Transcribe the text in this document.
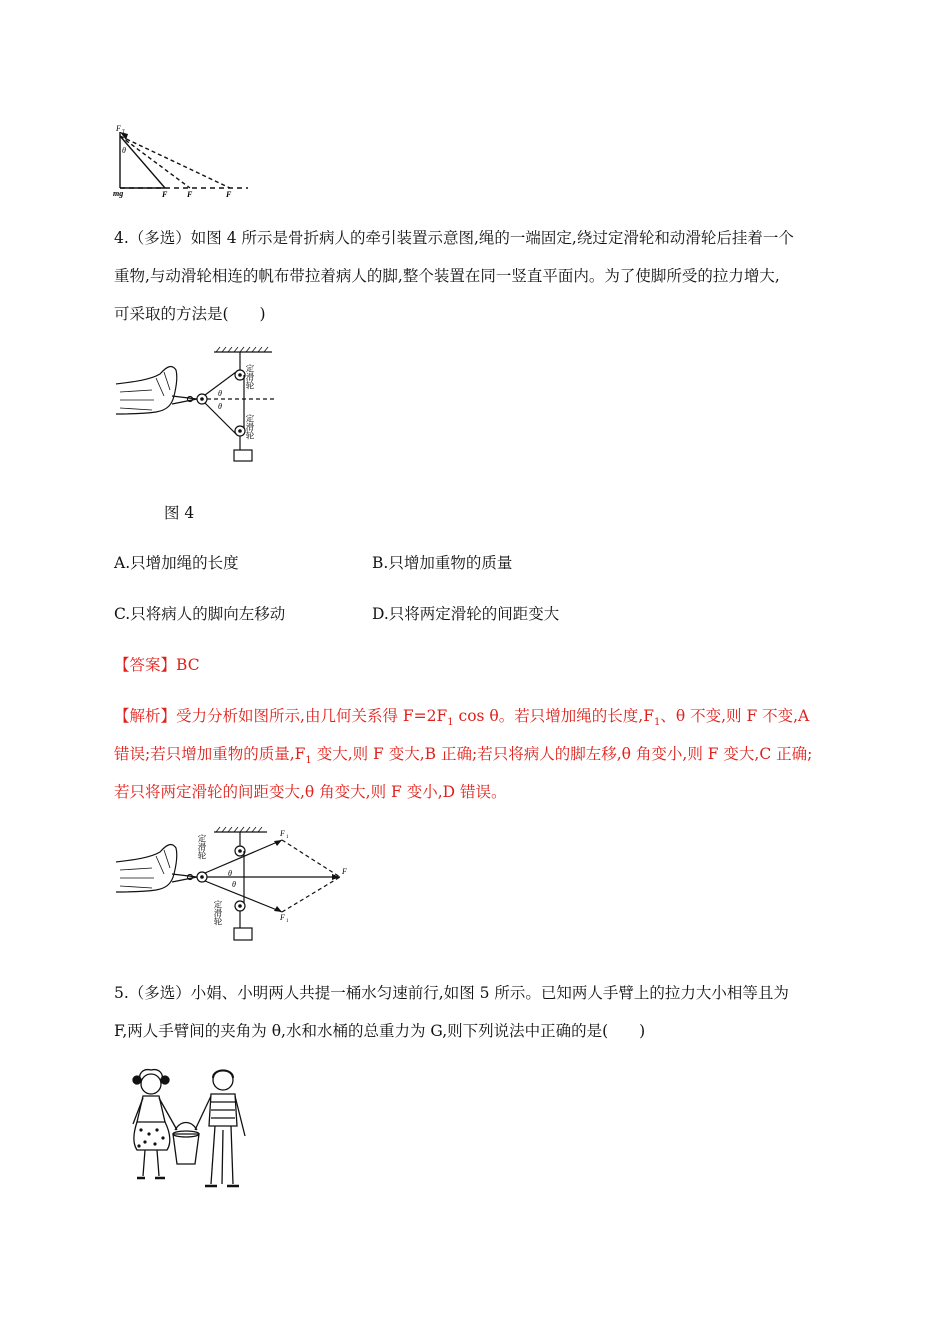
F T
θ
mg	F F	F
4.（多选）如图 4 所示是骨折病人的牵引装置示意图,绳的一端固定,绕过定滑轮和动滑轮后挂着一个
重物,与动滑轮相连的帆布带拉着病人的脚,整个装置在同一竖直平面内。为了使脚所受的拉力增大,
可采取的方法是(　　)
定滑轮
定滑轮
θ
θ
图 4
A.只增加绳的长度	B.只增加重物的质量
C.只将病人的脚向左移动	D.只将两定滑轮的间距变大
【答案】BC
【解析】受力分析如图所示,由几何关系得 $F=2F_1$ cos θ。若只增加绳的长度$,F_1$、θ 不变,则 F 不变,A
错误;若只增加重物的质量$,F_1$ 变大,则 F 变大,B 正确;若只将病人的脚左移,θ 角变小,则 F 变大,C 正确;
若只将两定滑轮的间距变大,θ 角变大,则 F 变小,D 错误。
定滑轮
定滑轮
F 1
F 1
F
θ
θ
5.（多选）小娟、小明两人共提一桶水匀速前行,如图 5 所示。已知两人手臂上的拉力大小相等且为
F,两人手臂间的夹角为 θ,水和水桶的总重力为 G,则下列说法中正确的是(　　)
